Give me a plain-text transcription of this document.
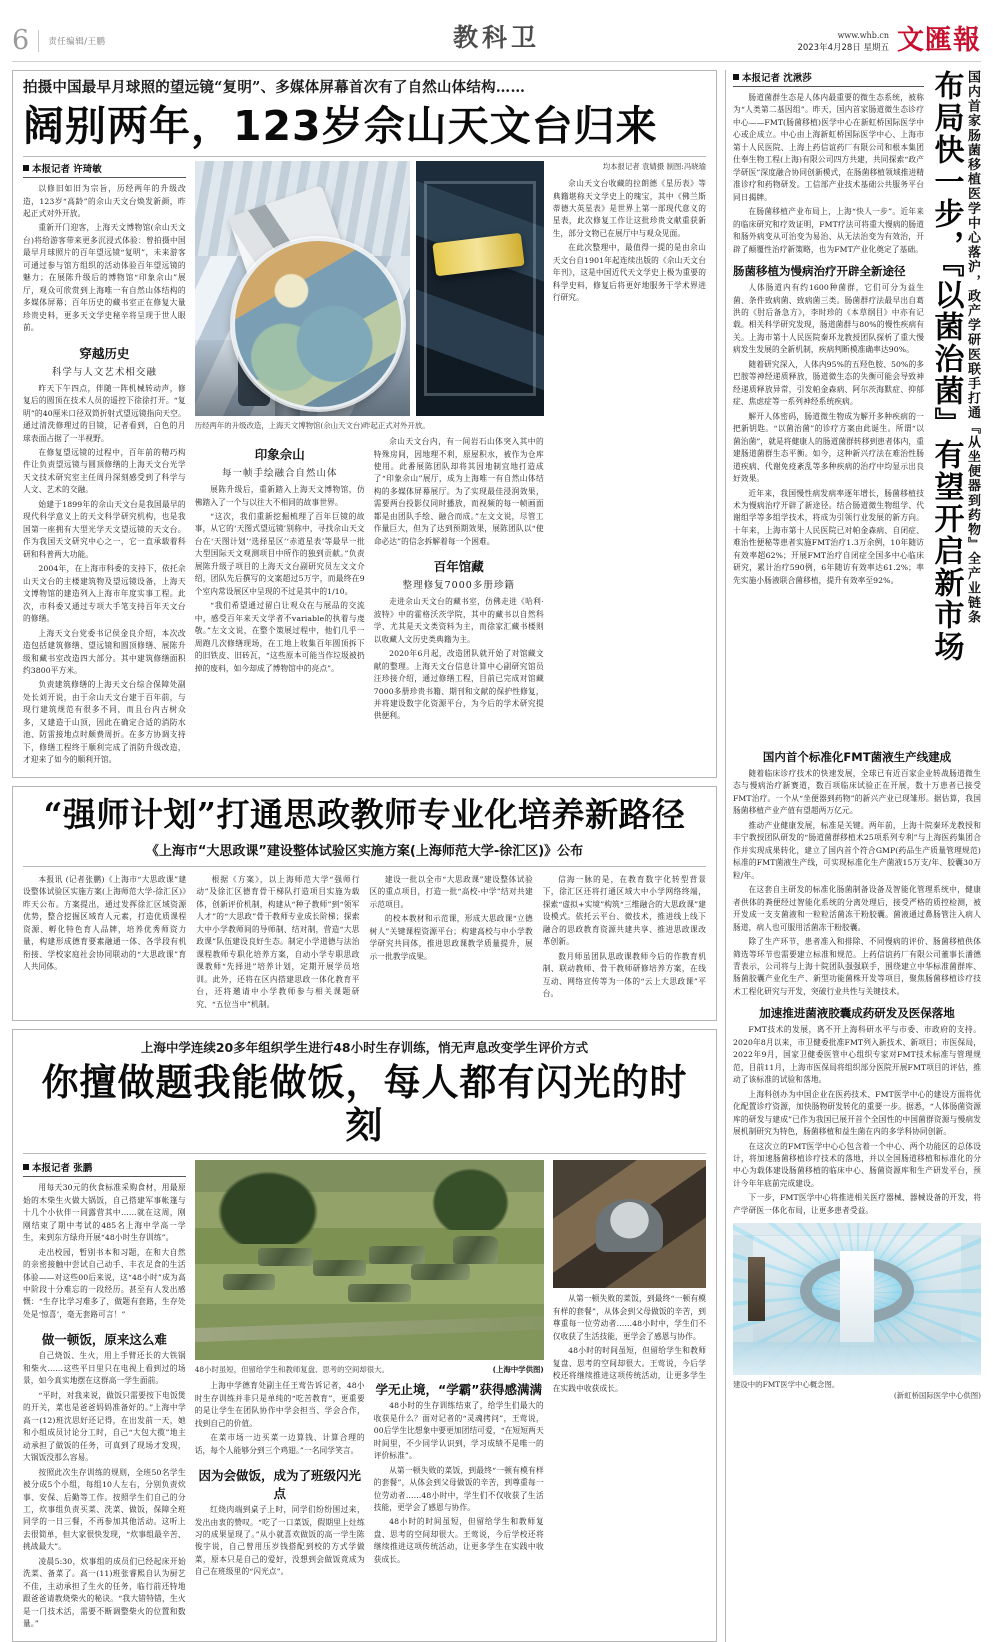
6 责任编辑/王鹏	教科卫	www.whb.cn
2023年4月28日 星期五 文匯報
拍摄中国最早月球照的望远镜“复明”、多媒体屏幕首次有了自然山体结构……
阔别两年，123岁佘山天文台归来
本报记者 许琦敏

以修旧如旧为宗旨，历经两年的升级改造，123岁“高龄”的佘山天文台焕发新颜，昨起正式对外开放。

重新开门迎客，上海天文博物馆(佘山天文台)将给游客带来更多沉浸式体验：曾拍摄中国最早月球照片的百年望远镜“复明”，未来游客可通过参与馆方组织的活动体验百年望远镜的魅力；在展陈升级后的博物馆“印象佘山”展厅，观众可欣赏到上海唯一有自然山体结构的多媒体屏幕；百年历史的藏书室正在修复大量珍贵史料，更多天文学史秘辛将呈现于世人眼前。

穿越历史
科学与人文艺术相交融

昨天下午四点，伴随一阵机械转动声，修复后的圆顶在技术人员的遥控下徐徐打开。“复明”的40厘米口径双筒折射式望远镜指向天空。通过清洗修理过的目镜，记者看到，白色的月球表面占据了一半视野。

在修复望远镜的过程中，百年前的精巧构件让负责望远镜与圆顶修缮的上海天文台光学天文技术研究室主任周丹深刻感受到了科学与人文、艺术的交融。

始建于1899年的佘山天文台是我国最早的现代科学意义上的天文科学研究机构，也是我国第一座拥有大型光学天文望远镜的天文台。作为我国天文研究中心之一，它一直承载着科研和科普两大功能。

2004年，在上海市科委的支持下，依托佘山天文台的主楼建筑物及望远镜设备，上海天文博物馆的建造列入上海市年度实事工程。此次，市科委又通过专项大手笔支持百年天文台的修缮。

上海天文台党委书记侯金良介绍，本次改造包括建筑修缮、望远镜和圆顶修缮、展陈升级和藏书室改造四大部分。其中建筑修缮面积约3800平方米。

负责建筑修缮的上海天文台综合保障处副处长刘开说，由于佘山天文台建于百年前，与现行建筑规范有很多不同，而且台内古树众多，又建造于山顶，因此在确定合适的消防水池、防雷接地点时颇费周折。在多方协调支持下，修缮工程终于顺利完成了消防升级改造，才迎来了如今的顺利开馆。

历经两年的升级改造，上海天文博物馆(佘山天文台)昨起正式对外开放。
印象佘山
每一帧手绘融合自然山体

展陈升级后，重新踏入上海天文博物馆，仿佛踏入了一个与以往大不相同的故事世界。

“这次，我们重新挖掘梳理了百年巨镜的故事，从它的‘天图式望远镜’别称中，寻找佘山天文台在‘天图计划’‘选择星区’‘赤道星表’等最早一批大型国际天文观测项目中所作的独到贡献。”负责展陈升级子项目的上海天文台副研究员左文文介绍，团队先后撰写的文案超过5万字，而最终在9个室内常设展区中呈现的不过是其中的1/10。

“我们希望通过留白让观众在与展品的交流中，感受百年来天文学者不variable的执着与虔敬。”左文文说，在整个策展过程中，他们几乎一周跑几次修缮现场，在工地上收集百年圆顶拆下的旧铁皮、旧砖瓦，“这些原本可能当作垃圾被扔掉的废料，如今却成了博物馆中的亮点”。

佘山天文台内，有一间岩石山体突入其中的特殊房间，因地理不利，原屋积水，被作为仓库使用。此番展陈团队却将其因地制宜地打造成了“印象佘山”展厅，成为上海唯一有自然山体结构的多媒体屏幕展厅。为了实现最佳浸润效果，需要两台投影仪同时播放，而视频的每一帧画面都是由团队手绘、融合而成。”左文文说，尽管工作量巨大，但为了达到预期效果，展陈团队以“使命必达”的信念拆解着每一个困难。

百年馆藏
整理修复7000多册珍籍

走进佘山天文台的藏书室，仿佛走进《哈利·波特》中的霍格沃茨学院，其中的藏书以自然科学、尤其是天文类资料为主，而徐家汇藏书楼则以收藏人文历史类典籍为主。

2020年6月起，改造团队就开始了对馆藏文献的整理。上海天文台信息计算中心副研究馆员汪珍接介绍，通过修缮工程，目前已完成对馆藏7000多册珍贵书籍、期刊和文献的保护性修复，并将建设数字化资源平台，为今后的学术研究提供便利。

均本报记者 袁婧摄 制图:冯晓瑜

佘山天文台收藏的拉朗德《星历表》等典籍堪称天文学史上的瑰宝，其中《佛兰斯蒂德大英星表》是世界上第一部现代意义的星表，此次修复工作让这批珍贵文献重获新生，部分文物已在展厅中与观众见面。

在此次整理中，最值得一提的是由佘山天文台自1901年起连续出版的《佘山天文台年刊》，这是中国近代天文学史上极为重要的科学史料，修复后将更好地服务于学术界进行研究。

“强师计划”打通思政教师专业化培养新路径
《上海市“大思政课”建设整体试验区实施方案(上海师范大学-徐汇区)》公布

本报讯 (记者张鹏)《上海市“大思政课”建设整体试验区实施方案(上海师范大学-徐汇区)》昨天公布。方案提出，通过发挥徐汇区域资源优势，整合挖掘区域育人元素，打造优质课程资源、孵化特色育人品牌，培养优秀师资力量，构建形成德育要素融通一体、各学段有机衔接、学校家庭社会协同联动的“大思政课”育人共同体。

根据《方案》，以上海师范大学“强师行动”及徐汇区德育骨干梯队打造项目实施为载体，创新评价机制，构建从“种子教师”到“领军人才”的“大思政”骨干教师专业成长阶梯；探索大中小学教师间的导师制、结对制，营造“大思政课”队伍建设良好生态。制定小学道德与法治课程教师专职化培养方案，自动小学专职思政课教师“先择进”培养计划，定期开展学员培训。此外，还将在区内搭建思政一体化教育平台，还将邀请中小学教师参与相关课题研究、“五位当中”机制。

建设一批以全市“大思政课”建设整体试验区的重点项目，打造一批“高校-中学”结对共建示范项目。

的校本教材和示范课，形成大思政课“立德树人”关键课程资源平台；构建高校与中小学教学研究共同体，推进思政课教学质量提升，展示一批教学成果。

信海一脉的是，在教育数字化转型背景下，徐汇区还将打通区域大中小学网络终端，探索“虚拟+实境”构筑“三维融合的大思政课”建设模式。依托云平台、微技术，推进线上线下融合的思政教育资源共建共享、推进思政课改革创新。

数月师虽团队思政课教师今后的作教育机制、联动教师、骨干教师研修培养方案，在线互动、网络宣传等为一体的“云上大思政课”平台。

上海中学连续20多年组织学生进行48小时生存训练，悄无声息改变学生评价方式
你擅做题我能做饭，每人都有闪光的时刻
本报记者 张鹏

用每天30元的伙食标准采购食材，用最原始的木柴生火做大锅饭，自己搭建军事帐篷与十几个小伙伴一同露营其中……就在这周，刚刚结束了期中考试的485名上海中学高一学生，来到东方绿舟开展“48小时生存训练”。

走出校园，暂别书本和习题，在和大自然的亲密接触中尝试自己动手、丰衣足食的生活体验——对这些00后来说，这“48小时”成为高中阶段十分难忘的一段经历。甚至有人发出感慨：“生存比学习难多了，做题有套路，生存处处是‘惊喜’，毫无套路可言！”

做一顿饭，原来这么难

自己烧饭、生火，用上手臂还长的大铁锅和柴火……这些平日里只在电视上看到过的场景，如今真实地摆在这群高一学生面前。

“平时，对我来说，做饭只需要按下电饭煲的开关，菜也是爸爸妈妈准备好的。”上海中学高一(12)班沈思好还记得，在出发前一天，她和小组成员讨论分工时，自己“大包大揽”地主动承担了做饭的任务，可真到了现场才发现，大锅饭没那么容易。

按照此次生存训练的规则，全班50名学生被分成5个小组，每组10人左右，分别负责炊事、安保、后勤等工作。按照学生们自己的分工，炊事组负责买菜、洗菜、做饭，保障全班同学的一日三餐，不再参加其他活动。这听上去很简单，但大家很快发现，“炊事组最辛苦、挑战最大”。

凌晨5:30，炊事组的成员们已经起床开始洗菜、备菜了。高一(11)班张睿熙自认为厨艺不佳，主动承担了生火的任务，临行前还特地跟爸爸请教烧柴火的秘诀。“我大错特错，生火是一门技术活，需要不断调整柴火的位置和数量。”

48小时虽短，但留给学生和教师复盘、思考的空间却很大。	(上海中学供图)

上海中学德育处副主任王莺告诉记者，48小时生存训练并非只是单纯的“吃苦教育”，更重要的是让学生在团队协作中学会担当、学会合作，找到自己的价值。

在菜市场一边买菜一边算钱、计算合理的话，每个人能够分到三个鸡翅。”一名同学笑言。

因为会做饭，成为了班级闪光点

红烧肉端到桌子上时，同学们纷纷围过来，发出由衷的赞叹。“吃了一口菜饭，假期里上灶练习的成果显现了。”从小就喜欢做饭的高一学生陈俊宇说，自己曾用压岁钱搭配到校的方式学做菜，原本只是自己的爱好，没想到会做饭竟成为自己在班级里的“闪光点”。

学无止境，“学霸”获得感满满

48小时的生存训练结束了，给学生们最大的收获是什么？面对记者的“灵魂拷问”，王莺说，00后学生比想象中要更加团结可爱，“在短短两天时间里，不少同学认识到，学习成绩不是唯一的评价标准”。

从第一顿失败的菜饭，到最终“一顿有模有样的套餐”，从体会到父母做饭的辛苦，到尊重每一位劳动者……48小时中，学生们不仅收获了生活技能，更学会了感恩与协作。

48小时的时间虽短，但留给学生和教师复盘、思考的空间却很大。王莺说，今后学校还将继续推进这项传统活动，让更多学生在实践中收获成长。

从第一顿失败的菜饭，到最终“一顿有模有样的套餐”，从体会到父母做饭的辛苦，到尊重每一位劳动者……48小时中，学生们不仅收获了生活技能，更学会了感恩与协作。

48小时的时间虽短，但留给学生和教师复盘、思考的空间却很大。王莺说，今后学校还将继续推进这项传统活动，让更多学生在实践中收获成长。

国内首家肠菌移植医学中心落沪，政产学研医联手打通『从坐便器到药物』全产业链条
布局快一步，『以菌治菌』有望开启新市场
本报记者 沈湫莎

肠道菌群生态是人体内最重要的微生态系统，被称为“人类第二基因组”。昨天，国内首家肠道微生态诊疗中心——FMT(肠菌移植)医学中心在新虹桥国际医学中心或企成立。中心由上海新虹桥国际医学中心、上海市第十人民医院、上海上药信谊药厂有限公司和根本集团仕奉生物工程(上海)有限公司四方共建，共同探索“政产学研医”深度融合协同创新模式，在肠菌移植领域推进精准诊疗和药物研发。工信部产业技术基础公共服务平台同日揭牌。

在肠菌移植产业布局上，上海“快人一步”。近年来的临床研究和疗效证明，FMT疗法可将重大慢病的肠道和肠外病变从可治变为易治、从无法治变为有效治，开辟了颠覆性治疗新策略，也为FMT产业化奠定了基础。

肠菌移植为慢病治疗开辟全新途径

人体肠道内有约1600种菌群，它们可分为益生菌、条件致病菌、致病菌三类。肠菌群疗法最早出自葛洪的《肘后备急方》，李时珍的《本草纲目》中亦有记载。相关科学研究发现，肠道菌群与80%的慢性疾病有关。上海市第十人民医院秦环龙教授团队探析了重大慢病发生发展的全新机制，疾病判断模准确率达90%。

随着研究深入，人体内95%的五羟色胺、50%的多巴胺等神经递质释放，肠道微生态的失衡可能会导致神经递质释放异常，引发帕金森病、阿尔茨海默症、抑郁症、焦虑症等一系列神经系统疾病。

解开人体密码，肠道微生物成为解开多种疾病的一把新钥匙。“以菌治菌”的诊疗方案由此诞生。所谓“以菌治菌”，就是将健康人的肠道菌群转移到患者体内，重建肠道菌群生态平衡。如今，这种新兴疗法在难治性肠道疾病、代谢免疫紊乱等多种疾病的治疗中均显示出良好效果。

近年来，我国慢性病发病率逐年增长，肠菌移植技术为慢病治疗开辟了新途径。结合肠道微生物组学、代谢组学等多组学技术，将成为引领行业发展的新方向。十年来，上海市第十人民医院已对帕金森病、自闭症、难治性便秘等患者实施FMT治疗1.3万余例，10年随访有效率超62%；开展FMT治疗自闭症全国多中心临床研究，累计治疗590例，6年随访有效率达61.2%；率先实施小肠液联合菌移植，提升有效率至92%。

国内首个标准化FMT菌液生产线建成

随着临床诊疗技术的快速发展，全球已有近百家企业转战肠道微生态与慢病治疗新赛道，数百项临床试验正在开展，数十万患者已接受FMT治疗。一个从“坐便器到药物”的新兴产业已现雏形。据估算，我国肠菌移植产业产值有望超两万亿元。

推动产业健康发展，标准是关键。两年前，上海十院秦环龙教授和丰宁教授团队研发的“肠道菌群移植术25项系列专利”与上海医药集团合作并实现成果转化，建立了国内首个符合GMP(药品生产质量管理规范)标准的FMT菌液生产线，可实现标准化生产菌液15万支/年、胶囊30万粒/年。

在这套自主研发的标准化肠菌制备设备及智能化管理系统中，健康者供体的粪便经过智能化系统的分离处理后，接受严格的质控检测，被开发成一支支菌液和一粒粒活菌冻干粉胶囊。菌液通过鼻肠管注入病人肠道，病人也可服用活菌冻干粉胶囊。

除了生产环节，患者准入和排除、不同慢病的评价、肠菌移植供体筛选等环节也需要建立标准和规范。上药信谊药厂有限公司董事长潘德青表示，公司将与上海十院团队强强联手，围绕建立中华标准菌群库、肠菌胶囊产业化生产、新型功能菌株开发等项目，聚焦肠菌移植诊疗技术工程化研究与开发，突破行业共性与关键技术。

加速推进菌液胶囊成药研发及医保落地

FMT技术的发展，离不开上海科研水平与市委、市政府的支持。2020年8月以来，市卫健委批准FMT列入新技术、新项目；市医保局，2022年9月，国家卫健委医管中心组织专家对FMT技术标准与管理规范，目前11月，上海市医保局将组织部分医院开展FMT项目的评估，推动了该标准的试验和落地。

上海科创办为中国企业在医药技术、FMT医学中心的建设方面将优化配置诊疗资源，加快肠物研发转化的重要一步。据悉，“人体肠菌资源库的研发与建成”已作为我国已展开首个全国性的中国菌群资源与慢病发展机制研究为特色，肠菌移植和益生菌在内的多学科协同创新。

在这次立的FMT医学中心心包含着一个中心、两个功能区的总体设计，将加速肠菌移植诊疗技术的落地，并以全国肠道移植和标准化的分中心为载体建设肠菌移植的临床中心、肠菌资源库和生产研发平台，预计今年年底前完成建设。

下一步，FMT医学中心将推进相关医疗器械、器械设备的开发，将产学研医一体化布局，让更多患者受益。

建设中的FMT医学中心概念图。
(新虹桥国际医学中心供图)
